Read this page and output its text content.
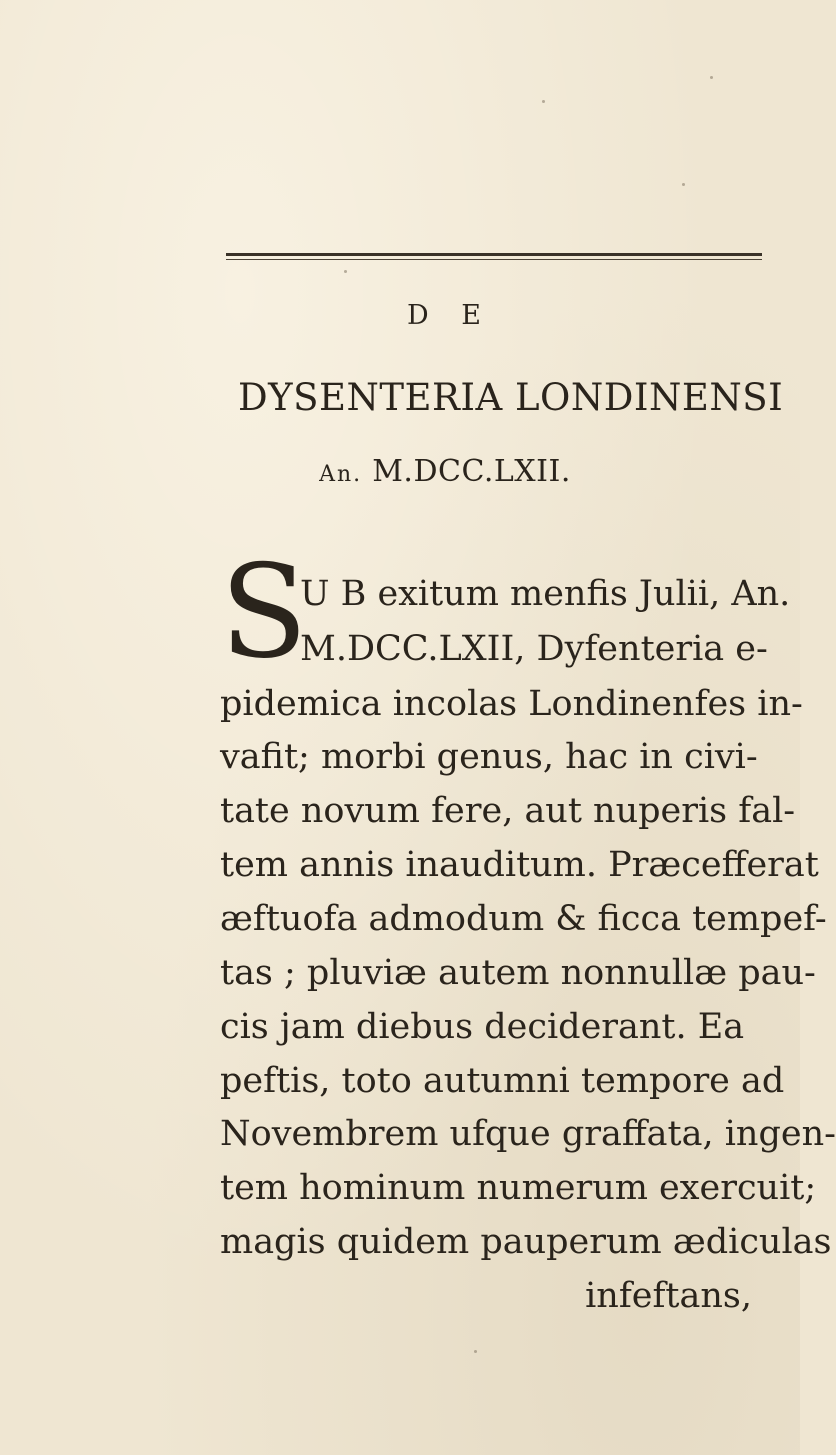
D E
DYSENTERIA LONDINENSI
An. M.DCC.LXII.
S
U B exitum menfis Julii, An.
M.DCC.LXII, Dyfenteria e-
pidemica incolas Londinenfes in-
vafit; morbi genus, hac in civi-
tate novum fere, aut nuperis fal-
tem annis inauditum. Præcefferat
æftuofa admodum & ficca tempef-
tas ; pluviæ autem nonnullæ pau-
cis jam diebus deciderant. Ea
peftis, toto autumni tempore ad
Novembrem ufque graffata, ingen-
tem hominum numerum exercuit;
magis quidem pauperum ædiculas
infeftans,
